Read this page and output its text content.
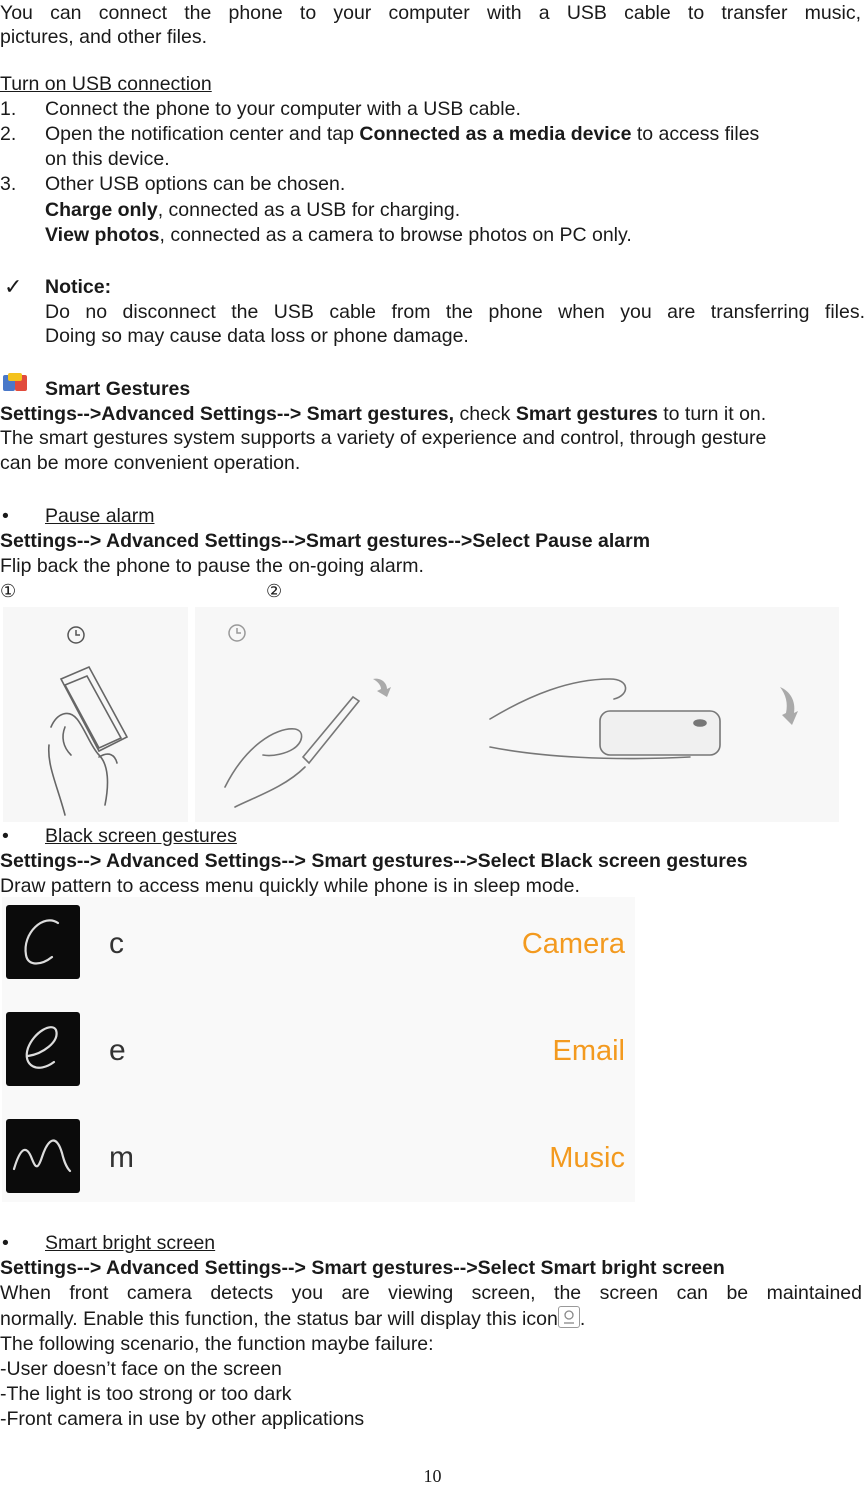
You can connect the phone to your computer with a USB cable to transfer music,
pictures, and other files.
Turn on USB connection
1. Connect the phone to your computer with a USB cable.
2. Open the notification center and tap Connected as a media device to access files
on this device.
3. Other USB options can be chosen.
Charge only, connected as a USB for charging.
View photos, connected as a camera to browse photos on PC only.
✓ Notice:
Do no disconnect the USB cable from the phone when you are transferring files.
Doing so may cause data loss or phone damage.
Smart Gestures
Settings-->Advanced Settings--> Smart gestures, check Smart gestures to turn it on.
The smart gestures system supports a variety of experience and control, through gesture
can be more convenient operation.
• Pause alarm
Settings--> Advanced Settings-->Smart gestures-->Select Pause alarm
Flip back the phone to pause the on-going alarm.
①	②
• Black screen gestures
Settings--> Advanced Settings--> Smart gestures-->Select Black screen gestures
Draw pattern to access menu quickly while phone is in sleep mode.
c	Camera
e	Email
m	Music
• Smart bright screen
Settings--> Advanced Settings--> Smart gestures-->Select Smart bright screen
When front camera detects you are viewing screen, the screen can be maintained
normally. Enable this function, the status bar will display this icon .
The following scenario, the function maybe failure:
-User doesn’t face on the screen
-The light is too strong or too dark
-Front camera in use by other applications
10
